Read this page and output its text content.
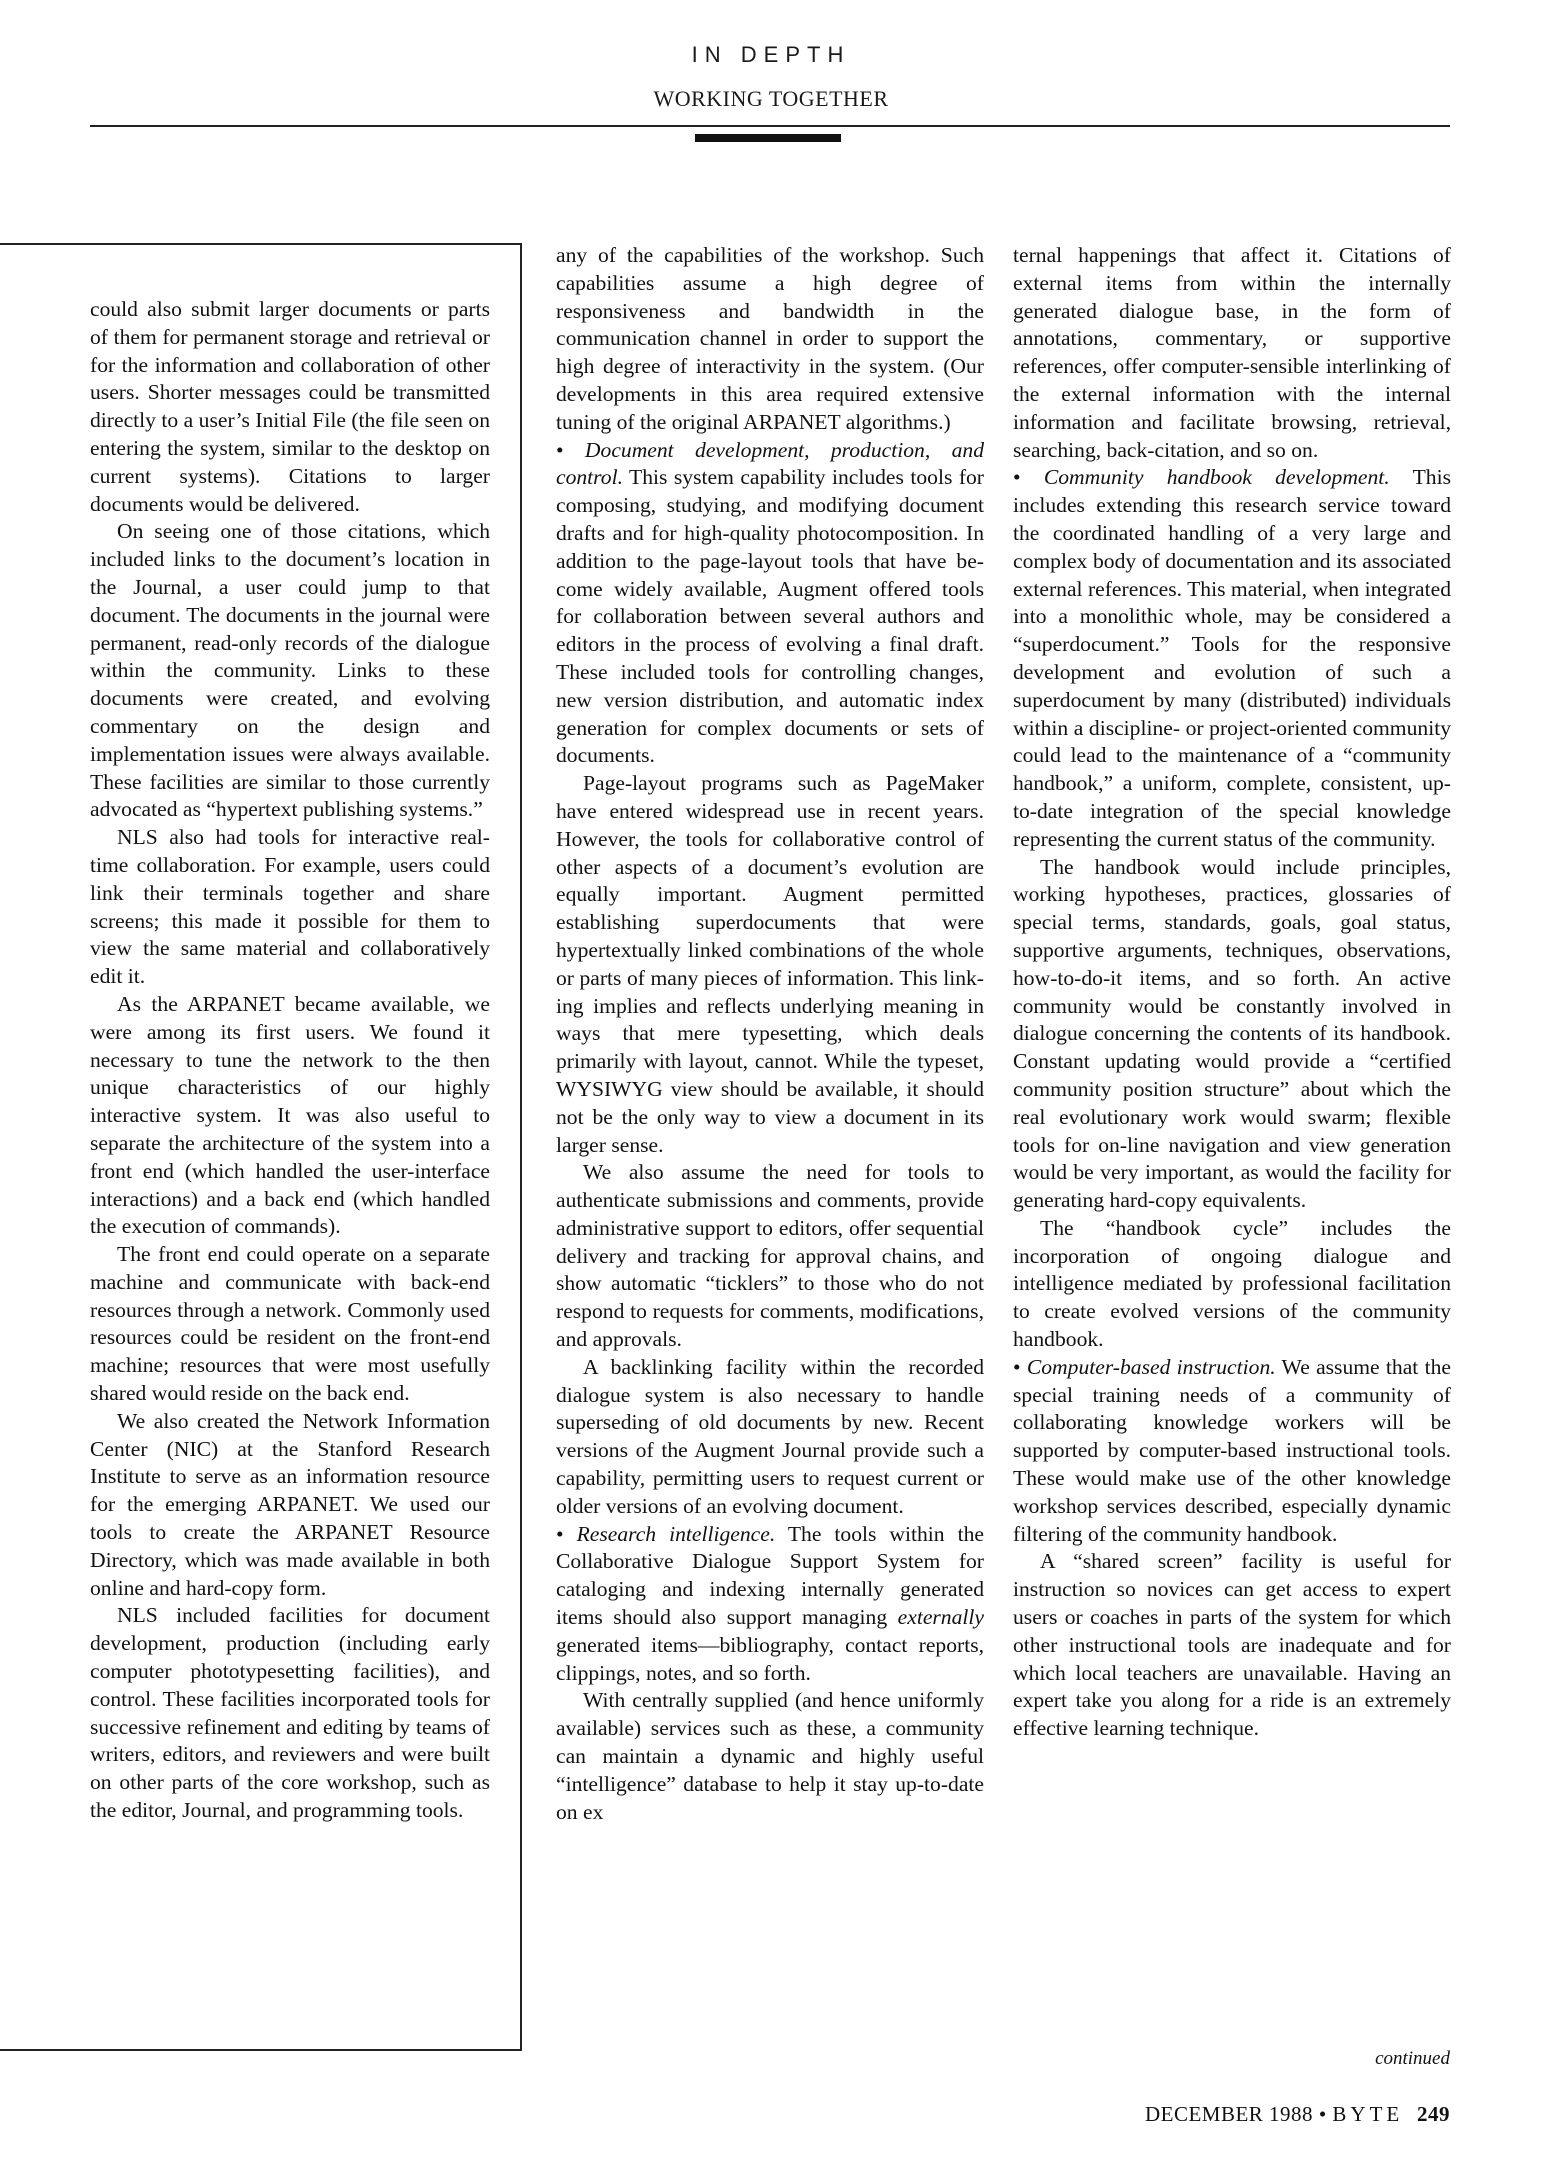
IN DEPTH
WORKING TOGETHER

could also submit larger documents or parts of them for permanent storage and retrieval or for the information and collaboration of other users. Shorter messages could be transmitted directly to a user’s Initial File (the file seen on entering the system, similar to the desktop on current systems). Citations to larger documents would be delivered.

On seeing one of those citations, which included links to the document’s location in the Journal, a user could jump to that document. The documents in the journal were permanent, read-only records of the dialogue within the community. Links to these documents were created, and evolving commentary on the design and implementation issues were always available. These facilities are similar to those currently advocated as “hypertext publishing systems.”

NLS also had tools for interactive real-time collaboration. For example, users could link their terminals together and share screens; this made it possible for them to view the same material and collaboratively edit it.

As the ARPANET became available, we were among its first users. We found it necessary to tune the network to the then unique characteristics of our highly interactive system. It was also useful to separate the architecture of the system into a front end (which handled the user-interface interactions) and a back end (which handled the execution of commands).

The front end could operate on a separate machine and communicate with back-end resources through a network. Commonly used resources could be resident on the front-end machine; resources that were most usefully shared would reside on the back end.

We also created the Network Information Center (NIC) at the Stanford Research Institute to serve as an information resource for the emerging ARPANET. We used our tools to create the ARPANET Resource Directory, which was made available in both online and hard-copy form.

NLS included facilities for document development, production (including early computer phototypesetting facilities), and control. These facilities incorporated tools for successive refinement and editing by teams of writers, editors, and reviewers and were built on other parts of the core workshop, such as the editor, Journal, and programming tools.

any of the capabilities of the workshop. Such capabilities assume a high degree of responsiveness and bandwidth in the communication channel in order to support the high degree of interactivity in the system. (Our developments in this area required extensive tuning of the original ARPANET algorithms.)

• Document development, production, and control. This system capability includes tools for composing, studying, and modifying document drafts and for high-quality photocomposition. In addition to the page-layout tools that have become widely available, Augment offered tools for collaboration between several authors and editors in the process of evolving a final draft. These included tools for controlling changes, new version distribution, and automatic index generation for complex documents or sets of documents.

Page-layout programs such as PageMaker have entered widespread use in recent years. However, the tools for collaborative control of other aspects of a document’s evolution are equally important. Augment permitted establishing superdocuments that were hypertextually linked combinations of the whole or parts of many pieces of information. This linking implies and reflects underlying meaning in ways that mere typesetting, which deals primarily with layout, cannot. While the typeset, WYSIWYG view should be available, it should not be the only way to view a document in its larger sense.

We also assume the need for tools to authenticate submissions and comments, provide administrative support to editors, offer sequential delivery and tracking for approval chains, and show automatic “ticklers” to those who do not respond to requests for comments, modifications, and approvals.

A backlinking facility within the recorded dialogue system is also necessary to handle superseding of old documents by new. Recent versions of the Augment Journal provide such a capability, permitting users to request current or older versions of an evolving document.

• Research intelligence. The tools within the Collaborative Dialogue Support System for cataloging and indexing internally generated items should also support managing externally generated items—bibliography, contact reports, clippings, notes, and so forth.

With centrally supplied (and hence uniformly available) services such as these, a community can maintain a dynamic and highly useful “intelligence” database to help it stay up-to-date on ex

ternal happenings that affect it. Citations of external items from within the internally generated dialogue base, in the form of annotations, commentary, or supportive references, offer computer-sensible interlinking of the external information with the internal information and facilitate browsing, retrieval, searching, back-citation, and so on.

• Community handbook development. This includes extending this research service toward the coordinated handling of a very large and complex body of documentation and its associated external references. This material, when integrated into a monolithic whole, may be considered a “superdocument.” Tools for the responsive development and evolution of such a superdocument by many (distributed) individuals within a discipline- or project-oriented community could lead to the maintenance of a “community handbook,” a uniform, complete, consistent, up-to-date integration of the special knowledge representing the current status of the community.

The handbook would include principles, working hypotheses, practices, glossaries of special terms, standards, goals, goal status, supportive arguments, techniques, observations, how-to-do-it items, and so forth. An active community would be constantly involved in dialogue concerning the contents of its handbook. Constant updating would provide a “certified community position structure” about which the real evolutionary work would swarm; flexible tools for on-line navigation and view generation would be very important, as would the facility for generating hard-copy equivalents.

The “handbook cycle” includes the incorporation of ongoing dialogue and intelligence mediated by professional facilitation to create evolved versions of the community handbook.

• Computer-based instruction. We assume that the special training needs of a community of collaborating knowledge workers will be supported by computer-based instructional tools. These would make use of the other knowledge workshop services described, especially dynamic filtering of the community handbook.

A “shared screen” facility is useful for instruction so novices can get access to expert users or coaches in parts of the system for which other instructional tools are inadequate and for which local teachers are unavailable. Having an expert take you along for a ride is an extremely effective learning technique.

continued
DECEMBER 1988 • BYTE 249
